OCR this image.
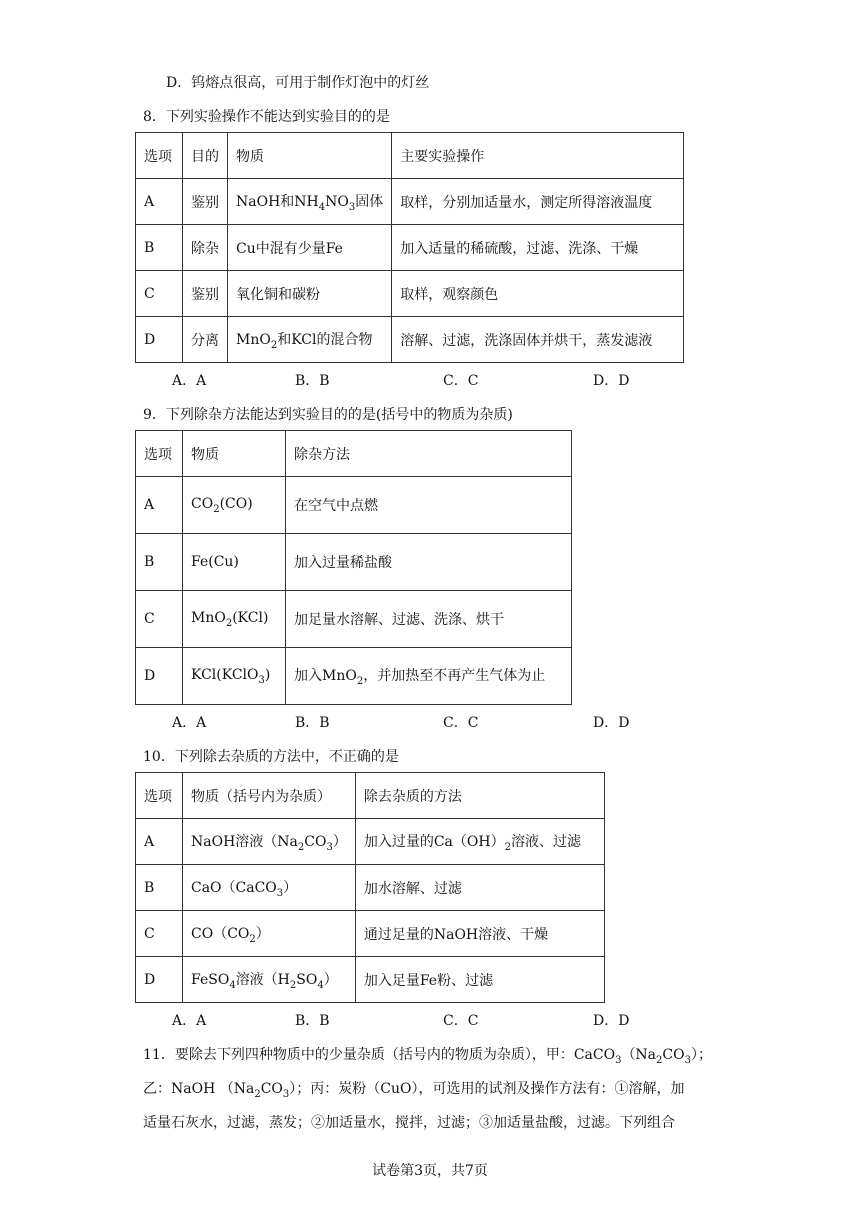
D．钨熔点很高，可用于制作灯泡中的灯丝
8．下列实验操作不能达到实验目的的是
选项	目的	物质	主要实验操作
A	鉴别	NaOH和$NH_4NO_3$固体	取样，分别加适量水，测定所得溶液温度
B	除杂	Cu中混有少量Fe	加入适量的稀硫酸，过滤、洗涤、干燥
C	鉴别	氧化铜和碳粉	取样，观察颜色
D	分离	MnO$_2$和KCl的混合物	溶解、过滤，洗涤固体并烘干，蒸发滤液
A．A	B．B	C．C	D．D
9．下列除杂方法能达到实验目的的是(括号中的物质为杂质)
选项	物质	除杂方法
A	$CO_2(CO)$	在空气中点燃
B	Fe(Cu)	加入过量稀盐酸
C	MnO$_2$(KCl)	加足量水溶解、过滤、洗涤、烘干
D	KCl(KClO$_3$)	加入MnO$_2$，并加热至不再产生气体为止
A．A	B．B	C．C	D．D
10．下列除去杂质的方法中，不正确的是
选项	物质（括号内为杂质）	除去杂质的方法
A	NaOH溶液$(Na_2CO_3)$	加入过量的$Ca(OH)_2$溶液、过滤
B	CaO（CaCO$_3$）	加水溶解、过滤
C	$CO(CO_2)$	通过足量的NaOH溶液、干燥
D	FeSO$_4$溶液$(H_2SO_4)$	加入足量Fe粉、过滤
A．A	B．B	C．C	D．D
11．要除去下列四种物质中的少量杂质（括号内的物质为杂质），甲：$CaCO_3(Na_2CO_3)$；
乙：NaOH $(Na_2CO_3)$；丙：炭粉（CuO），可选用的试剂及操作方法有：①溶解，加
适量石灰水，过滤，蒸发；②加适量水，搅拌，过滤；③加适量盐酸，过滤。下列组合
试卷第3页，共7页
